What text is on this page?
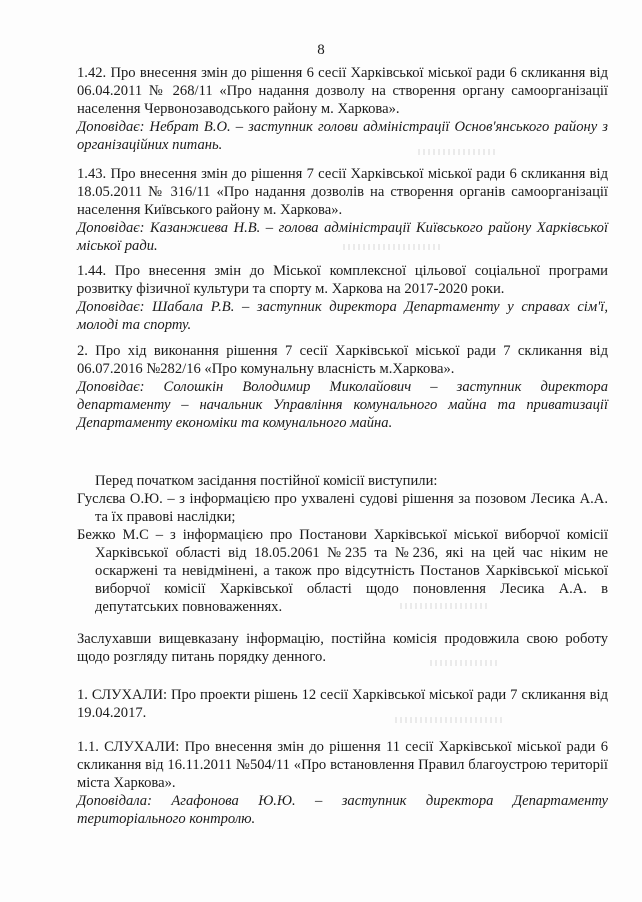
8

1.42. Про внесення змін до рішення 6 сесії Харківської міської ради 6 скликання від 06.04.2011 № 268/11 «Про надання дозволу на створення органу самоорганізації населення Червонозаводського району м. Харкова».

Доповідає: Небрат В.О. – заступник голови адміністрації Основ'янського району з організаційних питань.

1.43. Про внесення змін до рішення 7 сесії Харківської міської ради 6 скликання від 18.05.2011 № 316/11 «Про надання дозволів на створення органів самоорганізації населення Київського району м. Харкова».

Доповідає: Казанжиева Н.В. – голова адміністрації Київського району Харківської міської ради.

1.44. Про внесення змін до Міської комплексної цільової соціальної програми розвитку фізичної культури та спорту м. Харкова на 2017-2020 роки.

Доповідає: Шабала Р.В. – заступник директора Департаменту у справах сім'ї, молоді та спорту.

2. Про хід виконання рішення 7 сесії Харківської міської ради 7 скликання від 06.07.2016 №282/16 «Про комунальну власність м.Харкова».

Доповідає: Солошкін Володимир Миколайович – заступник директора департаменту – начальник Управління комунального майна та приватизації Департаменту економіки та комунального майна.

Перед початком засідання постійної комісії виступили:

Гуслєва О.Ю. – з інформацією про ухвалені судові рішення за позовом Лесика А.А. та їх правові наслідки;

Бежко М.С – з інформацією про Постанови Харківської міської виборчої комісії Харківської області від 18.05.2061 №235 та №236, які на цей час ніким не оскаржені та невідмінені, а також про відсутність Постанов Харківської міської виборчої комісії Харківської області щодо поновлення Лесика А.А. в депутатських повноваженнях.

Заслухавши вищевказану інформацію, постійна комісія продовжила свою роботу щодо розгляду питань порядку денного.

1. СЛУХАЛИ: Про проекти рішень 12 сесії Харківської міської ради 7 скликання від 19.04.2017.

1.1. СЛУХАЛИ: Про внесення змін до рішення 11 сесії Харківської міської ради 6 скликання від 16.11.2011 №504/11 «Про встановлення Правил благоустрою території міста Харкова».

Доповідала: Агафонова Ю.Ю. – заступник директора Департаменту територіального контролю.
